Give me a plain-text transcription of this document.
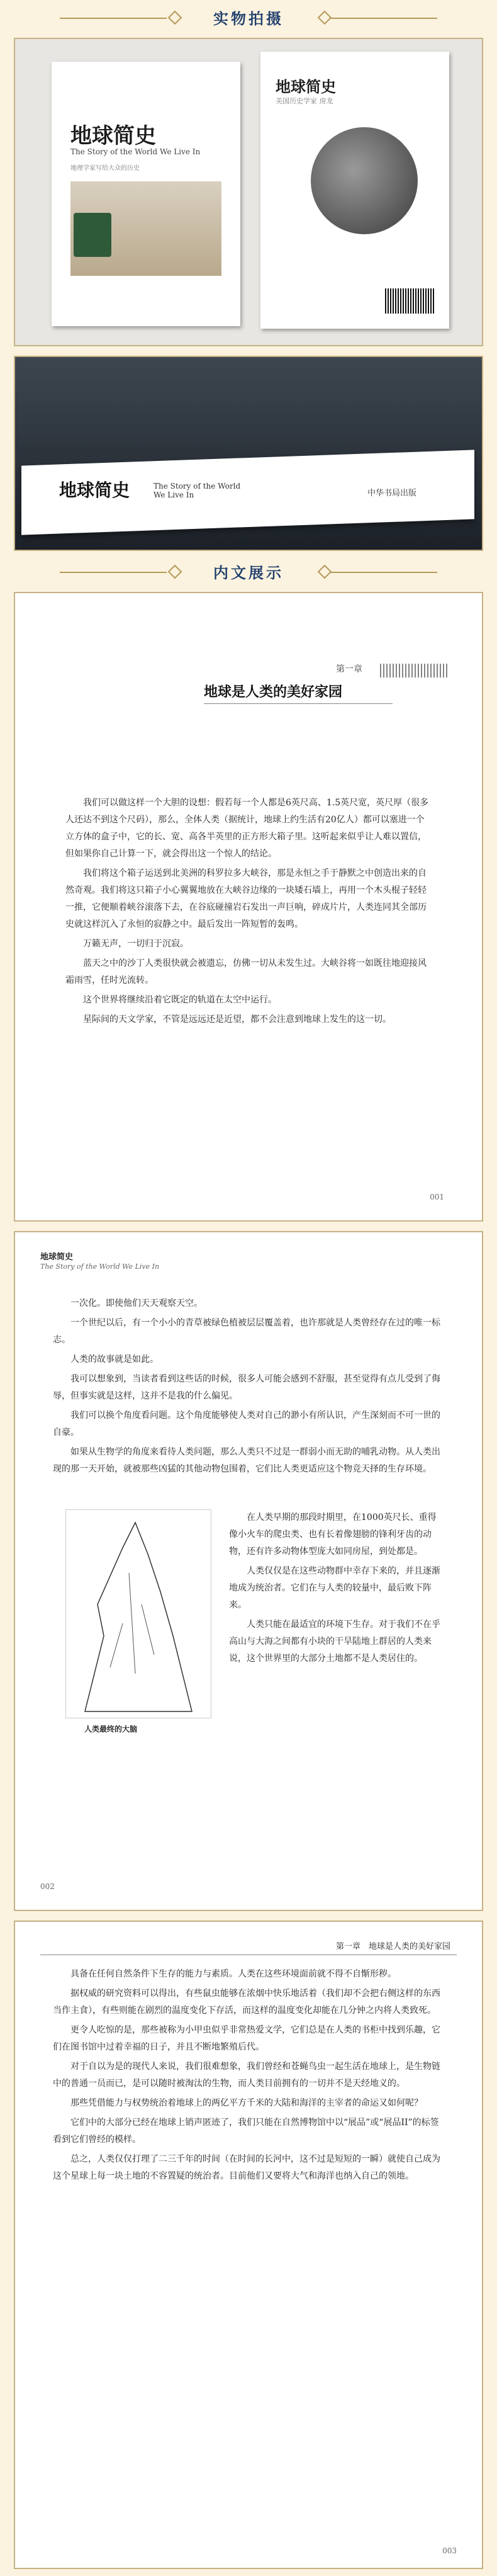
实物拍摄
地球简史
The Story of the World We Live In
地理学家写给大众的历史
地球简史
美国历史学家 房龙
地球简史	The Story of the World We Live In	中华书局出版
内文展示
第一章
地球是人类的美好家园

我们可以做这样一个大胆的设想：假若每一个人都是6英尺高、1.5英尺宽，英尺厚（很多人还达不到这个尺码），那么，全体人类（据统计，地球上约生活有20亿人）都可以塞进一个立方体的盒子中，它的长、宽、高各半英里的正方形大箱子里。这听起来似乎让人难以置信，但如果你自己计算一下，就会得出这一个惊人的结论。

我们将这个箱子运送到北美洲的科罗拉多大峡谷，那是永恒之手于静默之中创造出来的自然奇观。我们将这只箱子小心翼翼地放在大峡谷边缘的一块矮石墙上，再用一个木头棍子轻轻一推，它便顺着峡谷滚落下去，在谷底碰撞岩石发出一声巨响，碎成片片，人类连同其全部历史就这样沉入了永恒的寂静之中。最后发出一阵短暂的轰鸣。

万籁无声，一切归于沉寂。

蓝天之中的沙丁人类很快就会被遗忘，仿佛一切从未发生过。大峡谷将一如既往地迎接风霜雨雪，任时光流转。

这个世界将继续沿着它既定的轨道在太空中运行。

星际间的天文学家，不管是远远还是近望，都不会注意到地球上发生的这一切。

001
地球简史
The Story of the World We Live In

一次化。即使他们天天观察天空。

一个世纪以后，有一个小小的青草被绿色植被层层覆盖着，也许那就是人类曾经存在过的唯一标志。

人类的故事就是如此。

我可以想象到，当读者看到这些话的时候，很多人可能会感到不舒服，甚至觉得有点儿受到了侮辱，但事实就是这样，这并不是我的什么偏见。

我们可以换个角度看问题。这个角度能够使人类对自己的渺小有所认识，产生深刻而不可一世的自豪。

如果从生物学的角度来看待人类问题，那么人类只不过是一群弱小而无助的哺乳动物。从人类出现的那一天开始，就被那些凶猛的其他动物包围着，它们比人类更适应这个物竞天择的生存环境。

人类最终的大脑

在人类早期的那段时期里，在1000英尺长、重得像小火车的爬虫类、也有长着像翅膀的锋利牙齿的动物，还有许多动物体型庞大如同房屋，到处都是。

人类仅仅是在这些动物群中幸存下来的，并且逐渐地成为统治者。它们在与人类的较量中，最后败下阵来。

人类只能在最适宜的环境下生存。对于我们不在乎高山与大海之间都有小块的干旱陆地上群居的人类来说，这个世界里的大部分土地都不是人类居住的。

002
第一章　地球是人类的美好家园

具备在任何自然条件下生存的能力与素质。人类在这些环境面前就不得不自惭形秽。

据权威的研究资料可以得出，有些鼠虫能够在浓烟中快乐地活着（我们却不会把右侧这样的东西当作主食），有些则能在剧烈的温度变化下存活，而这样的温度变化却能在几分钟之内将人类致死。

更令人吃惊的是，那些被称为小甲虫似乎非常热爱文学，它们总是在人类的书柜中找到乐趣，它们在图书馆中过着幸福的日子，并且不断地繁殖后代。

对于自以为是的现代人来说，我们很难想象，我们曾经和苍蝇鸟虫一起生活在地球上，是生物链中的普通一员而已，是可以随时被淘汰的生物，而人类目前拥有的一切并不是天经地义的。

那些凭借能力与权势统治着地球上的两亿平方千米的大陆和海洋的主宰者的命运又如何呢？

它们中的大部分已经在地球上销声匿迹了，我们只能在自然博物馆中以“展品”或“展品II”的标签看到它们曾经的模样。

总之，人类仅仅打理了二三千年的时间（在时间的长河中，这不过是短短的一瞬）就使自己成为这个星球上每一块土地的不容置疑的统治者。目前他们又要将大气和海洋也纳入自己的领地。

003
